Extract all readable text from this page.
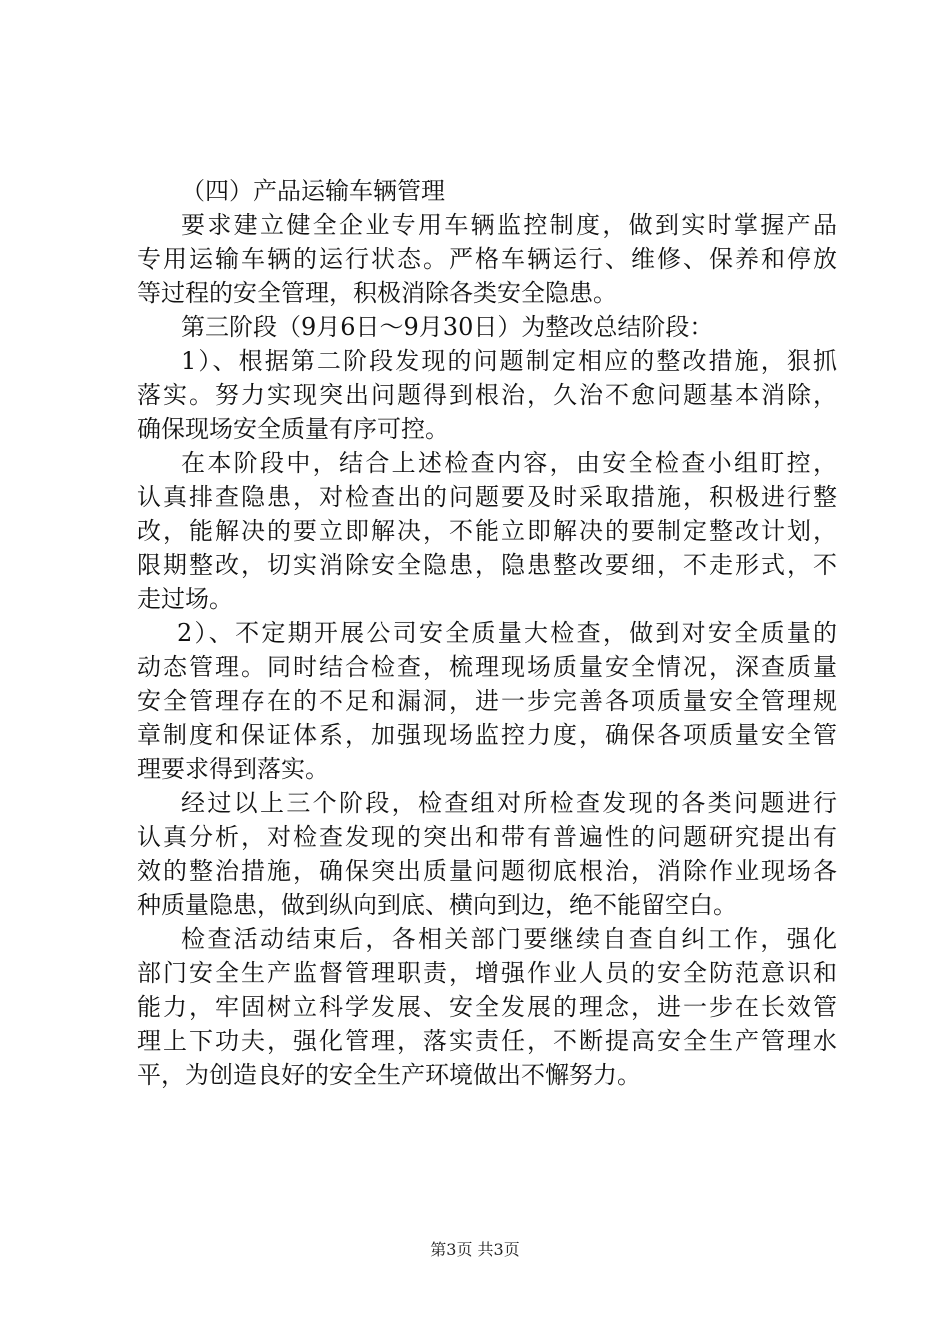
（四）产品运输车辆管理
要求建立健全企业专用车辆监控制度，做到实时掌握产品
专用运输车辆的运行状态。严格车辆运行、维修、保养和停放
等过程的安全管理，积极消除各类安全隐患。
第三阶段（9月6日～9月30日）为整改总结阶段：
1）、根据第二阶段发现的问题制定相应的整改措施，狠抓
落实。努力实现突出问题得到根治，久治不愈问题基本消除，
确保现场安全质量有序可控。
在本阶段中，结合上述检查内容，由安全检查小组盯控，
认真排查隐患，对检查出的问题要及时采取措施，积极进行整
改，能解决的要立即解决，不能立即解决的要制定整改计划，
限期整改，切实消除安全隐患，隐患整改要细，不走形式，不
走过场。
2）、不定期开展公司安全质量大检查，做到对安全质量的
动态管理。同时结合检查，梳理现场质量安全情况，深查质量
安全管理存在的不足和漏洞，进一步完善各项质量安全管理规
章制度和保证体系，加强现场监控力度，确保各项质量安全管
理要求得到落实。
经过以上三个阶段，检查组对所检查发现的各类问题进行
认真分析，对检查发现的突出和带有普遍性的问题研究提出有
效的整治措施，确保突出质量问题彻底根治，消除作业现场各
种质量隐患，做到纵向到底、横向到边，绝不能留空白。
检查活动结束后，各相关部门要继续自查自纠工作，强化
部门安全生产监督管理职责，增强作业人员的安全防范意识和
能力，牢固树立科学发展、安全发展的理念，进一步在长效管
理上下功夫，强化管理，落实责任，不断提高安全生产管理水
平，为创造良好的安全生产环境做出不懈努力。
第3页 共3页
